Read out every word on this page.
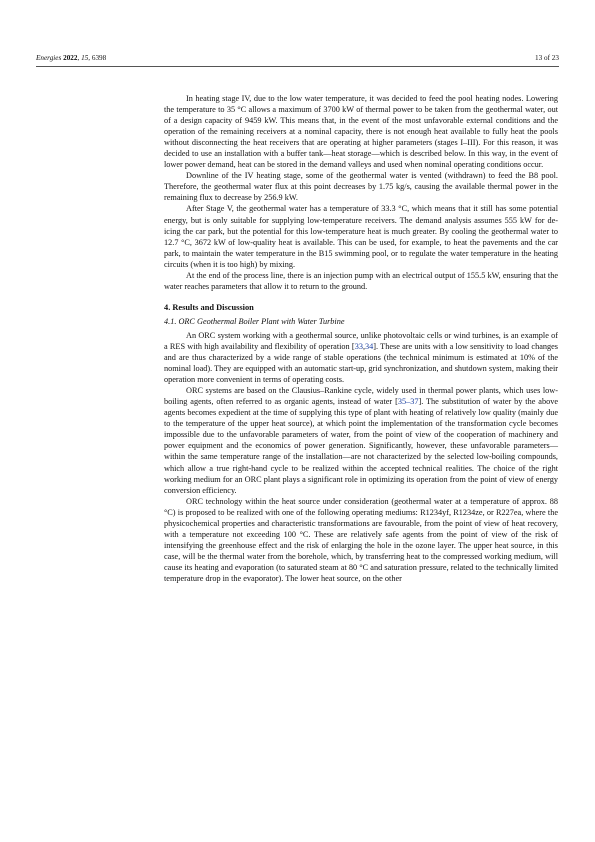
Energies 2022, 15, 6398	13 of 23

In heating stage IV, due to the low water temperature, it was decided to feed the pool heating nodes. Lowering the temperature to 35 °C allows a maximum of 3700 kW of thermal power to be taken from the geothermal water, out of a design capacity of 9459 kW. This means that, in the event of the most unfavorable external conditions and the operation of the remaining receivers at a nominal capacity, there is not enough heat available to fully heat the pools without disconnecting the heat receivers that are operating at higher parameters (stages I–III). For this reason, it was decided to use an installation with a buffer tank—heat storage—which is described below. In this way, in the event of lower power demand, heat can be stored in the demand valleys and used when nominal operating conditions occur.

Downline of the IV heating stage, some of the geothermal water is vented (withdrawn) to feed the B8 pool. Therefore, the geothermal water flux at this point decreases by 1.75 kg/s, causing the available thermal power in the remaining flux to decrease by 256.9 kW.

After Stage V, the geothermal water has a temperature of 33.3 °C, which means that it still has some potential energy, but is only suitable for supplying low-temperature receivers. The demand analysis assumes 555 kW for de-icing the car park, but the potential for this low-temperature heat is much greater. By cooling the geothermal water to 12.7 °C, 3672 kW of low-quality heat is available. This can be used, for example, to heat the pavements and the car park, to maintain the water temperature in the B15 swimming pool, or to regulate the water temperature in the heating circuits (when it is too high) by mixing.

At the end of the process line, there is an injection pump with an electrical output of 155.5 kW, ensuring that the water reaches parameters that allow it to return to the ground.

4. Results and Discussion
4.1. ORC Geothermal Boiler Plant with Water Turbine

An ORC system working with a geothermal source, unlike photovoltaic cells or wind turbines, is an example of a RES with high availability and flexibility of operation [33,34]. These are units with a low sensitivity to load changes and are thus characterized by a wide range of stable operations (the technical minimum is estimated at 10% of the nominal load). They are equipped with an automatic start-up, grid synchronization, and shutdown system, making their operation more convenient in terms of operating costs.

ORC systems are based on the Clausius–Rankine cycle, widely used in thermal power plants, which uses low-boiling agents, often referred to as organic agents, instead of water [35–37]. The substitution of water by the above agents becomes expedient at the time of supplying this type of plant with heating of relatively low quality (mainly due to the temperature of the upper heat source), at which point the implementation of the transformation cycle becomes impossible due to the unfavorable parameters of water, from the point of view of the cooperation of machinery and power equipment and the economics of power generation. Significantly, however, these unfavorable parameters—within the same temperature range of the installation—are not characterized by the selected low-boiling compounds, which allow a true right-hand cycle to be realized within the accepted technical realities. The choice of the right working medium for an ORC plant plays a significant role in optimizing its operation from the point of view of energy conversion efficiency.

ORC technology within the heat source under consideration (geothermal water at a temperature of approx. 88 °C) is proposed to be realized with one of the following operating mediums: R1234yf, R1234ze, or R227ea, where the physicochemical properties and characteristic transformations are favourable, from the point of view of heat recovery, with a temperature not exceeding 100 °C. These are relatively safe agents from the point of view of the risk of intensifying the greenhouse effect and the risk of enlarging the hole in the ozone layer. The upper heat source, in this case, will be the thermal water from the borehole, which, by transferring heat to the compressed working medium, will cause its heating and evaporation (to saturated steam at 80 °C and saturation pressure, related to the technically limited temperature drop in the evaporator). The lower heat source, on the other
